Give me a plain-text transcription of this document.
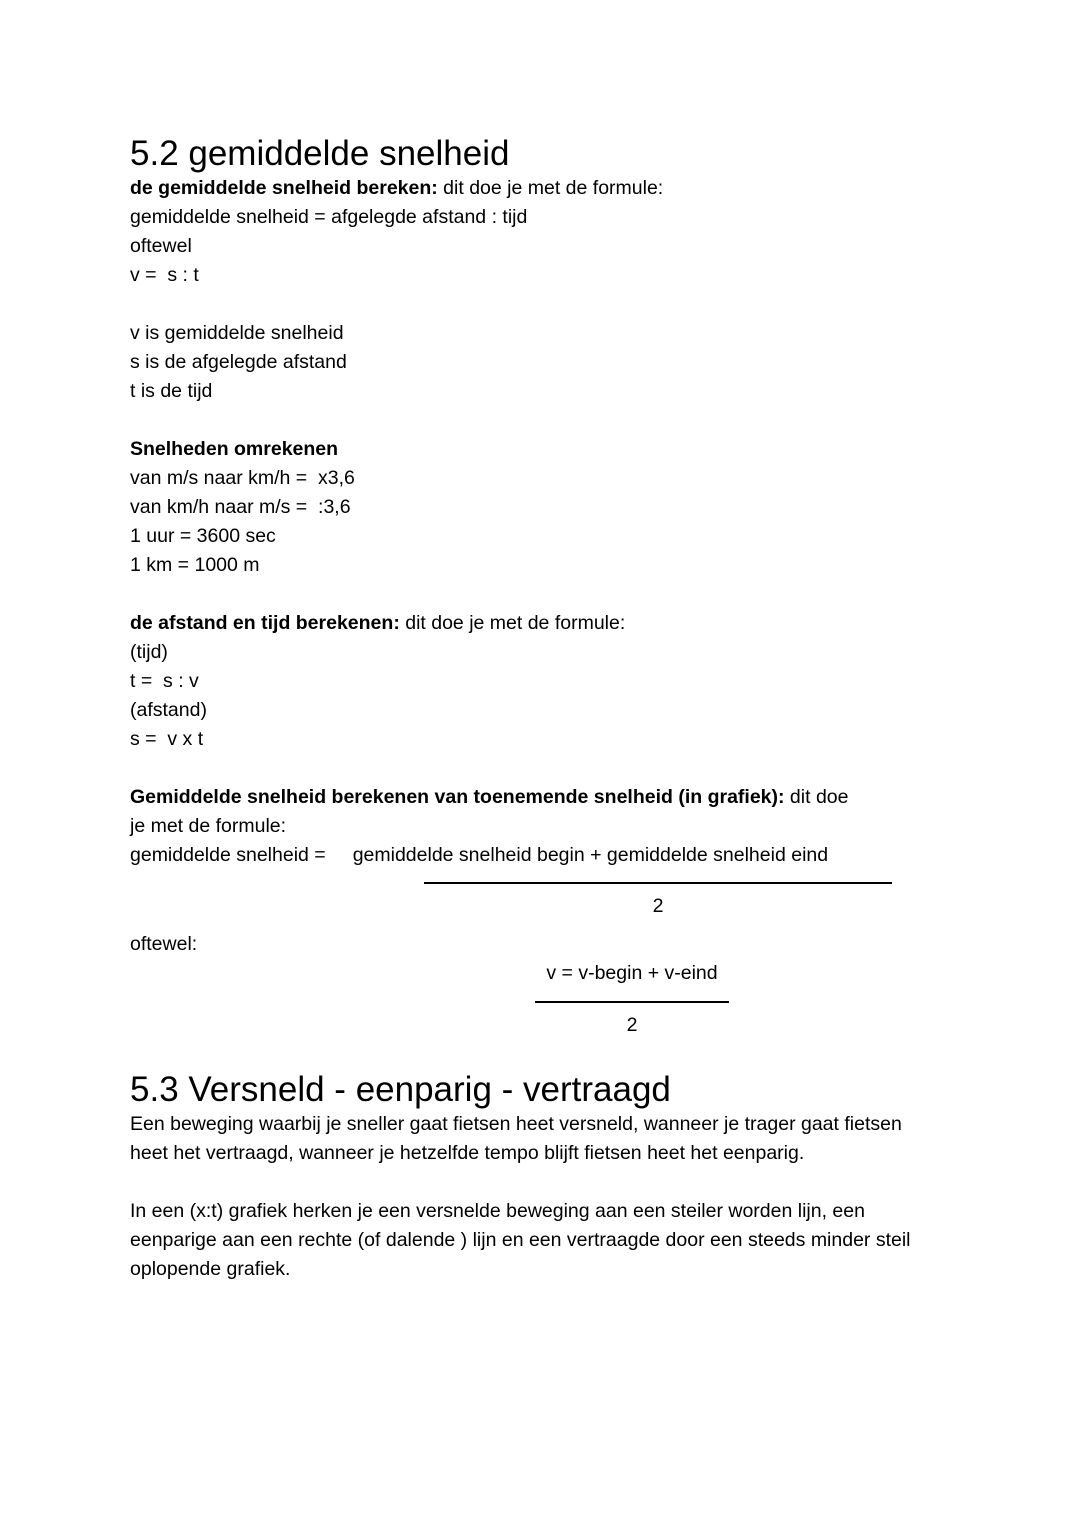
5.2 gemiddelde snelheid

de gemiddelde snelheid bereken: dit doe je met de formule:

gemiddelde snelheid = afgelegde afstand : tijd

oftewel

v =  s : t

v is gemiddelde snelheid

s is de afgelegde afstand

t is de tijd

Snelheden omrekenen

van m/s naar km/h =  x3,6

van km/h naar m/s =  :3,6

1 uur = 3600 sec

1 km = 1000 m

de afstand en tijd berekenen: dit doe je met de formule:

(tijd)

t =  s : v

(afstand)

s =  v x t

Gemiddelde snelheid berekenen van toenemende snelheid (in grafiek): dit doe

je met de formule:

gemiddelde snelheid = gemiddelde snelheid begin + gemiddelde snelheid eind
2

oftewel:

v = v-begin + v-eind

2
5.3 Versneld - eenparig - vertraagd

Een beweging waarbij je sneller gaat fietsen heet versneld, wanneer je trager gaat fietsen heet het vertraagd, wanneer je hetzelfde tempo blijft fietsen heet het eenparig.

In een (x:t) grafiek herken je een versnelde beweging aan een steiler worden lijn, een eenparige aan een rechte (of dalende ) lijn en een vertraagde door een steeds minder steil oplopende grafiek.
